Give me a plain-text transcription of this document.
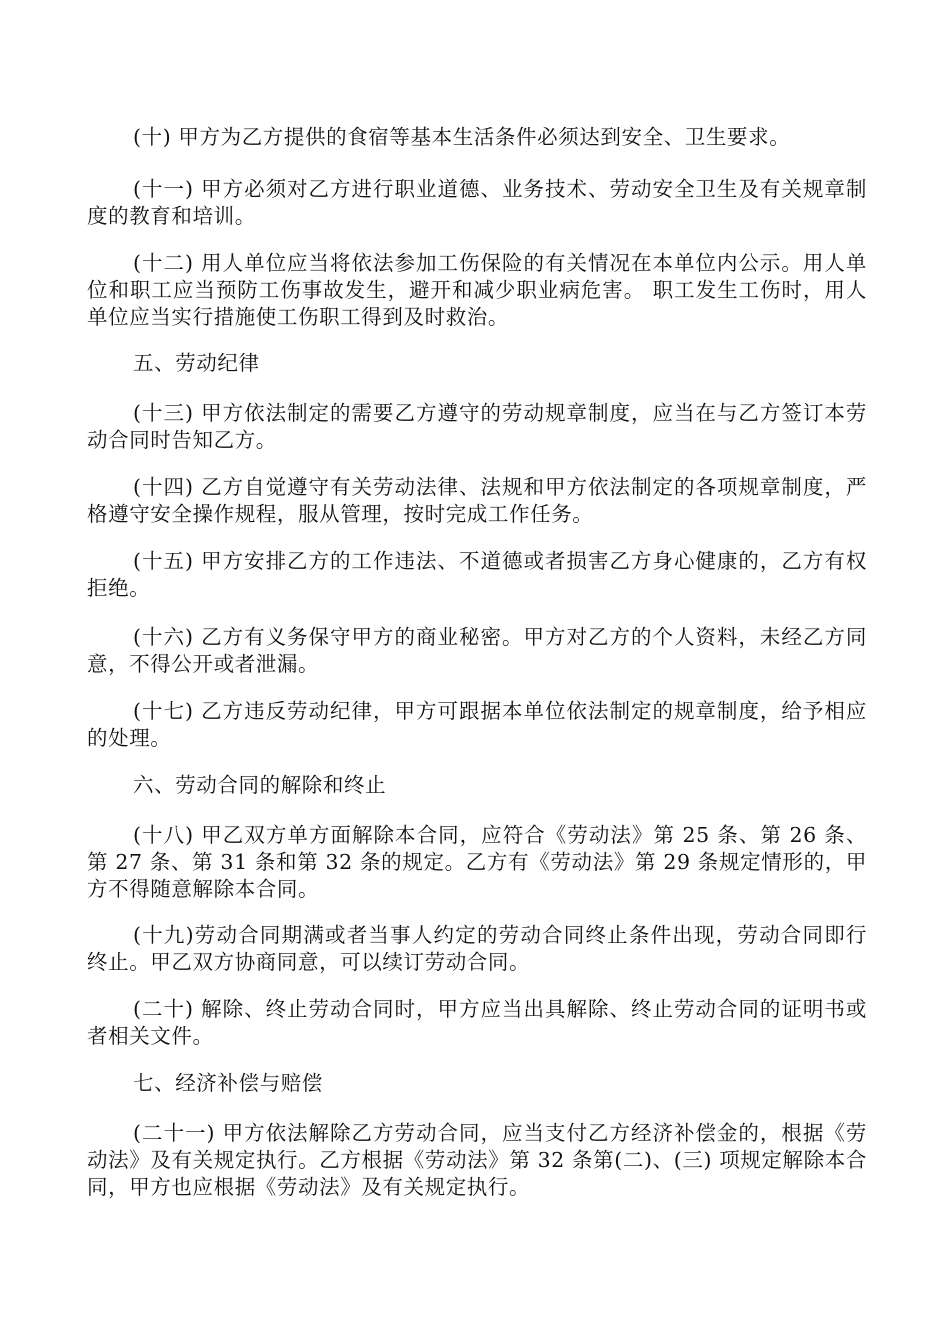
(十) 甲方为乙方提供的食宿等基本生活条件必须达到安全、卫生要求。

(十一) 甲方必须对乙方进行职业道德、业务技术、劳动安全卫生及有关规章制度的教育和培训。

(十二) 用人单位应当将依法参加工伤保险的有关情况在本单位内公示。用人单位和职工应当预防工伤事故发生，避开和减少职业病危害。 职工发生工伤时，用人单位应当实行措施使工伤职工得到及时救治。

五、劳动纪律

(十三) 甲方依法制定的需要乙方遵守的劳动规章制度，应当在与乙方签订本劳动合同时告知乙方。

(十四) 乙方自觉遵守有关劳动法律、法规和甲方依法制定的各项规章制度，严格遵守安全操作规程，服从管理，按时完成工作任务。

(十五) 甲方安排乙方的工作违法、不道德或者损害乙方身心健康的，乙方有权拒绝。

(十六) 乙方有义务保守甲方的商业秘密。甲方对乙方的个人资料，未经乙方同意，不得公开或者泄漏。

(十七) 乙方违反劳动纪律，甲方可跟据本单位依法制定的规章制度，给予相应的处理。

六、劳动合同的解除和终止

(十八) 甲乙双方单方面解除本合同，应符合《劳动法》第 25 条、第 26 条、第 27 条、第 31 条和第 32 条的规定。乙方有《劳动法》第 29 条规定情形的，甲方不得随意解除本合同。

(十九)劳动合同期满或者当事人约定的劳动合同终止条件出现，劳动合同即行终止。甲乙双方协商同意，可以续订劳动合同。

(二十) 解除、终止劳动合同时，甲方应当出具解除、终止劳动合同的证明书或者相关文件。

七、经济补偿与赔偿

(二十一) 甲方依法解除乙方劳动合同，应当支付乙方经济补偿金的，根据《劳动法》及有关规定执行。乙方根据《劳动法》第 32 条第(二)、(三) 项规定解除本合同，甲方也应根据《劳动法》及有关规定执行。
